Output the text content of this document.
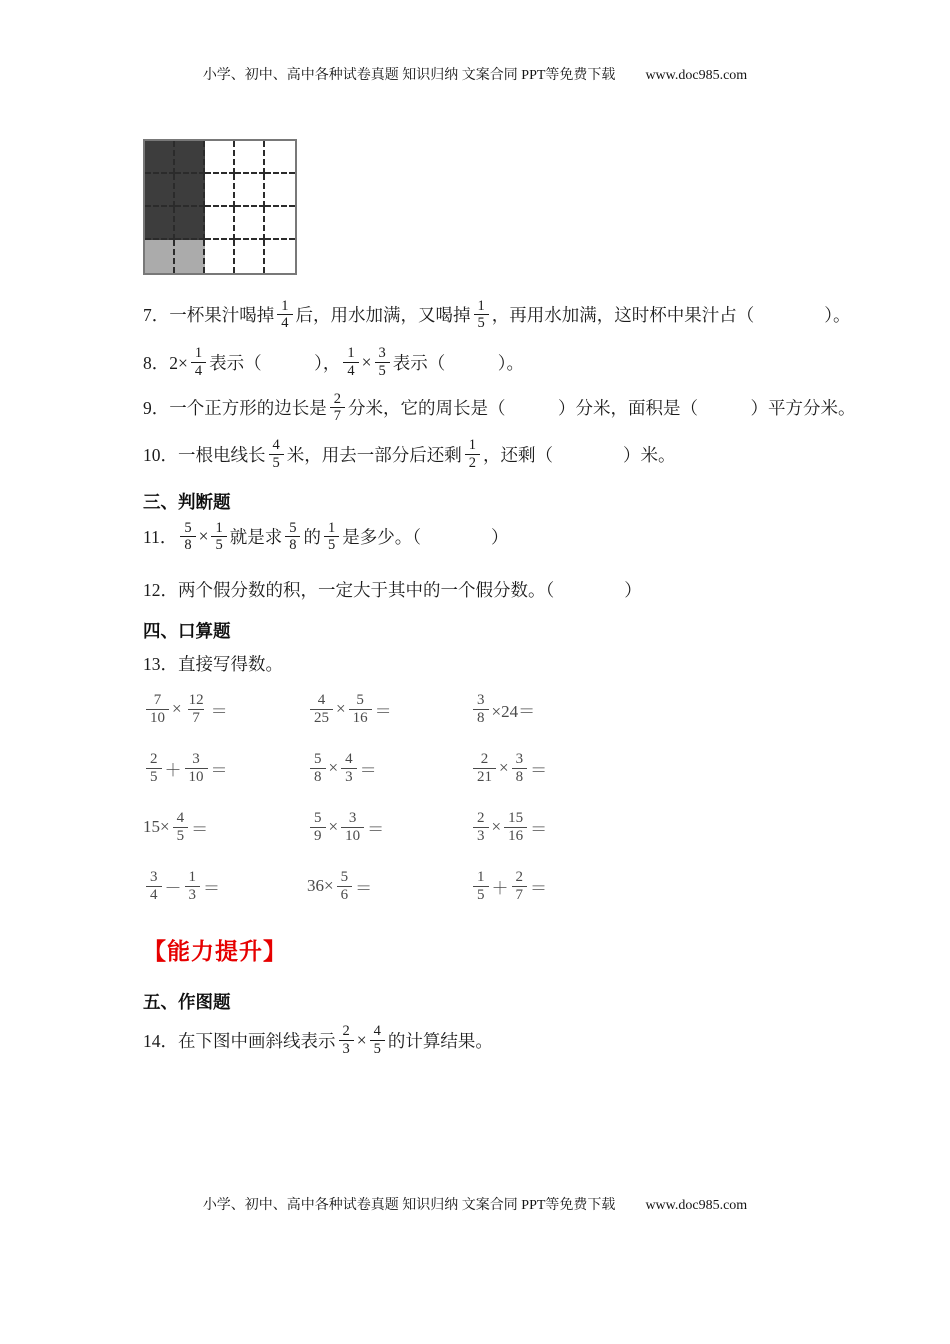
小学、初中、高中各种试卷真题 知识归纳 文案合同 PPT等免费下载 www.doc985.com
7．一杯果汁喝掉 $\frac{1}{4}$ 后，用水加满，又喝掉 $\frac{1}{5}$ ，再用水加满，这时杯中果汁占（　　　　）。
8．$2\times \frac{1}{4}$ 表示（　　　）， $\frac{1}{4} \times \frac{3}{5}$ 表示（　　　）。
9．一个正方形的边长是 $\frac{2}{7}$ 分米，它的周长是（　　　）分米，面积是（　　　）平方分米。
10．一根电线长 $\frac{4}{5}$ 米，用去一部分后还剩 $\frac{1}{2}$ ，还剩（　　　　）米。
三、判断题
11． $\frac{5}{8} \times \frac{1}{5}$ 就是求 $\frac{5}{8}$ 的 $\frac{1}{5}$ 是多少。（　　　　）
12．两个假分数的积，一定大于其中的一个假分数。（　　　　）
四、口算题
13．直接写得数。
$\frac{7}{10} \times \frac{12}{7}$ ＝	$\frac{4}{25} \times \frac{5}{16}$ ＝	$\frac{3}{8} \times 24=$
$\frac{2}{5} + \frac{3}{10}$ ＝	$\frac{5}{8} \times \frac{4}{3}$ ＝	$\frac{2}{21} \times \frac{3}{8}$ ＝
$15\times \frac{4}{5}$ ＝	$\frac{5}{9} \times \frac{3}{10}$ ＝	$\frac{2}{3} \times \frac{15}{16}$ ＝
$\frac{3}{4} - \frac{1}{3}$ ＝	$36\times \frac{5}{6}$ ＝	$\frac{1}{5} + \frac{2}{7}$ ＝
【能力提升】
五、作图题
14．在下图中画斜线表示 $\frac{2}{3} \times \frac{4}{5}$ 的计算结果。
小学、初中、高中各种试卷真题 知识归纳 文案合同 PPT等免费下载 www.doc985.com
